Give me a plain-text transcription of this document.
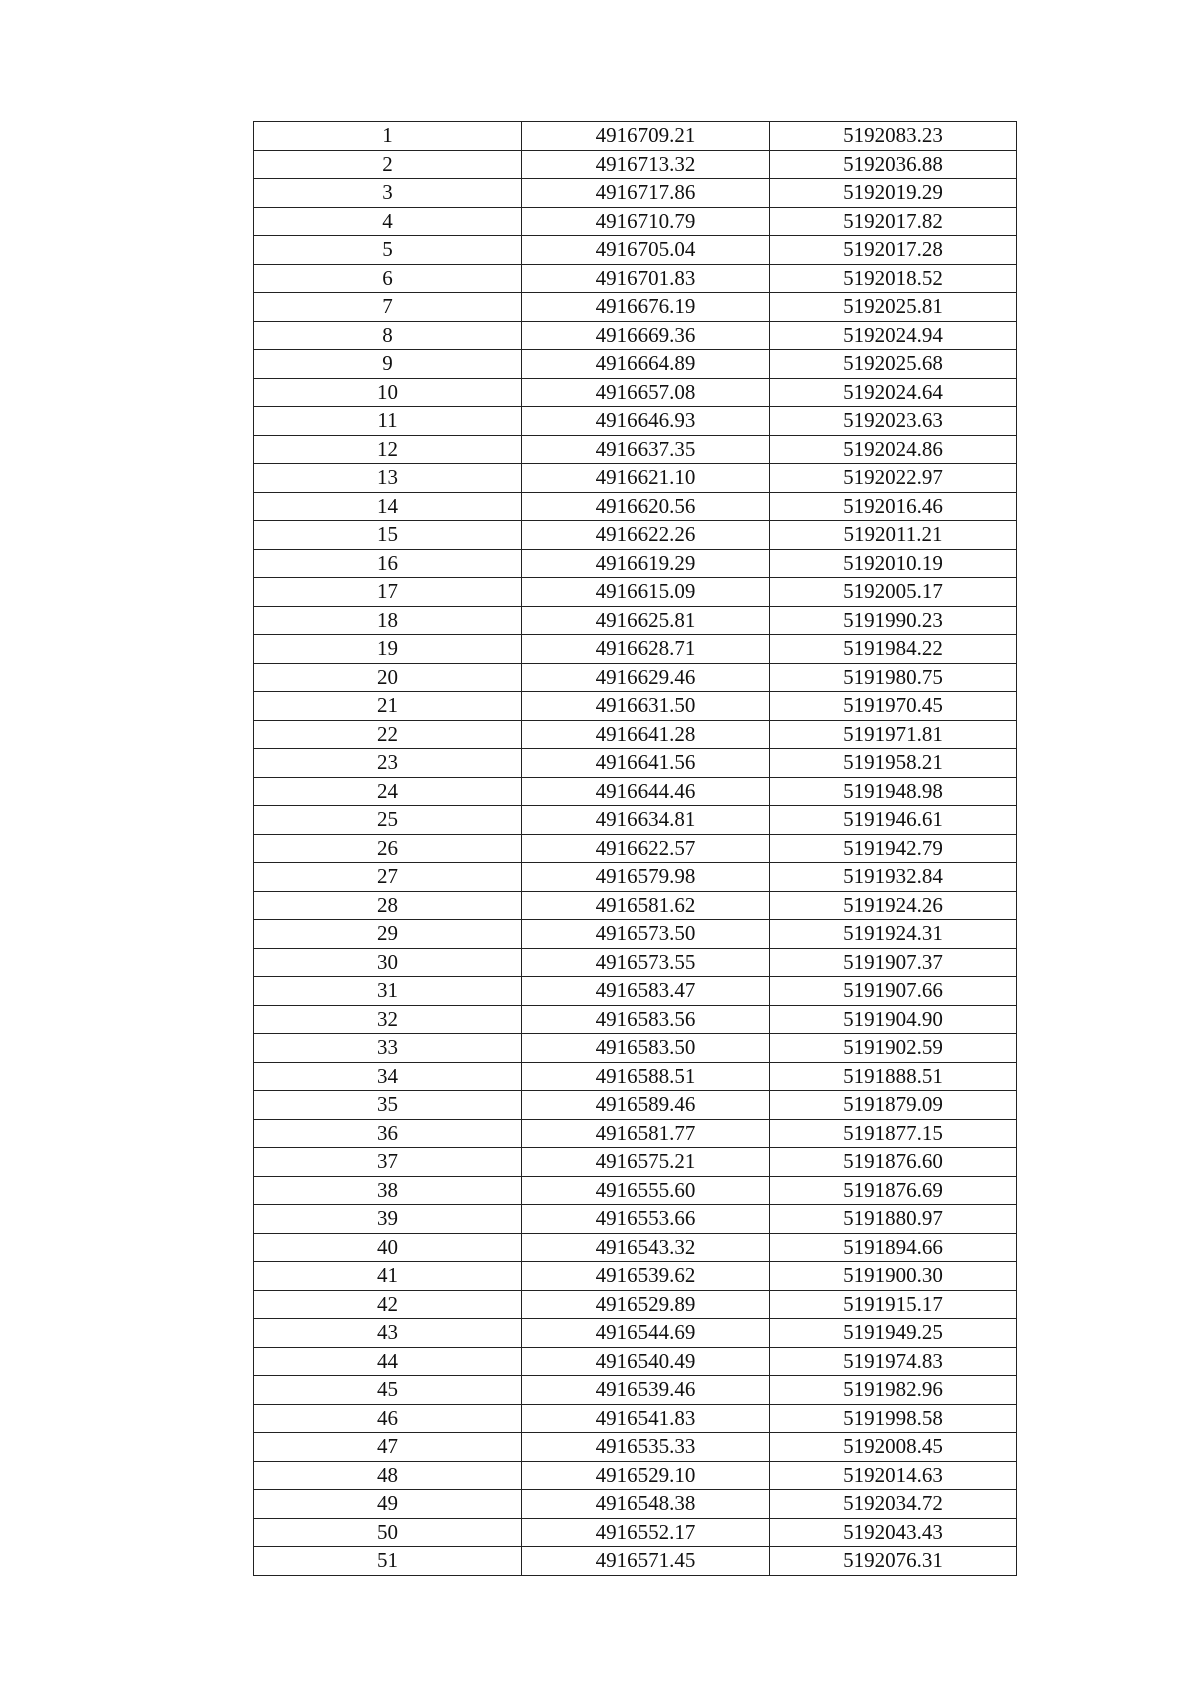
1	4916709.21	5192083.23
2	4916713.32	5192036.88
3	4916717.86	5192019.29
4	4916710.79	5192017.82
5	4916705.04	5192017.28
6	4916701.83	5192018.52
7	4916676.19	5192025.81
8	4916669.36	5192024.94
9	4916664.89	5192025.68
10	4916657.08	5192024.64
11	4916646.93	5192023.63
12	4916637.35	5192024.86
13	4916621.10	5192022.97
14	4916620.56	5192016.46
15	4916622.26	5192011.21
16	4916619.29	5192010.19
17	4916615.09	5192005.17
18	4916625.81	5191990.23
19	4916628.71	5191984.22
20	4916629.46	5191980.75
21	4916631.50	5191970.45
22	4916641.28	5191971.81
23	4916641.56	5191958.21
24	4916644.46	5191948.98
25	4916634.81	5191946.61
26	4916622.57	5191942.79
27	4916579.98	5191932.84
28	4916581.62	5191924.26
29	4916573.50	5191924.31
30	4916573.55	5191907.37
31	4916583.47	5191907.66
32	4916583.56	5191904.90
33	4916583.50	5191902.59
34	4916588.51	5191888.51
35	4916589.46	5191879.09
36	4916581.77	5191877.15
37	4916575.21	5191876.60
38	4916555.60	5191876.69
39	4916553.66	5191880.97
40	4916543.32	5191894.66
41	4916539.62	5191900.30
42	4916529.89	5191915.17
43	4916544.69	5191949.25
44	4916540.49	5191974.83
45	4916539.46	5191982.96
46	4916541.83	5191998.58
47	4916535.33	5192008.45
48	4916529.10	5192014.63
49	4916548.38	5192034.72
50	4916552.17	5192043.43
51	4916571.45	5192076.31
